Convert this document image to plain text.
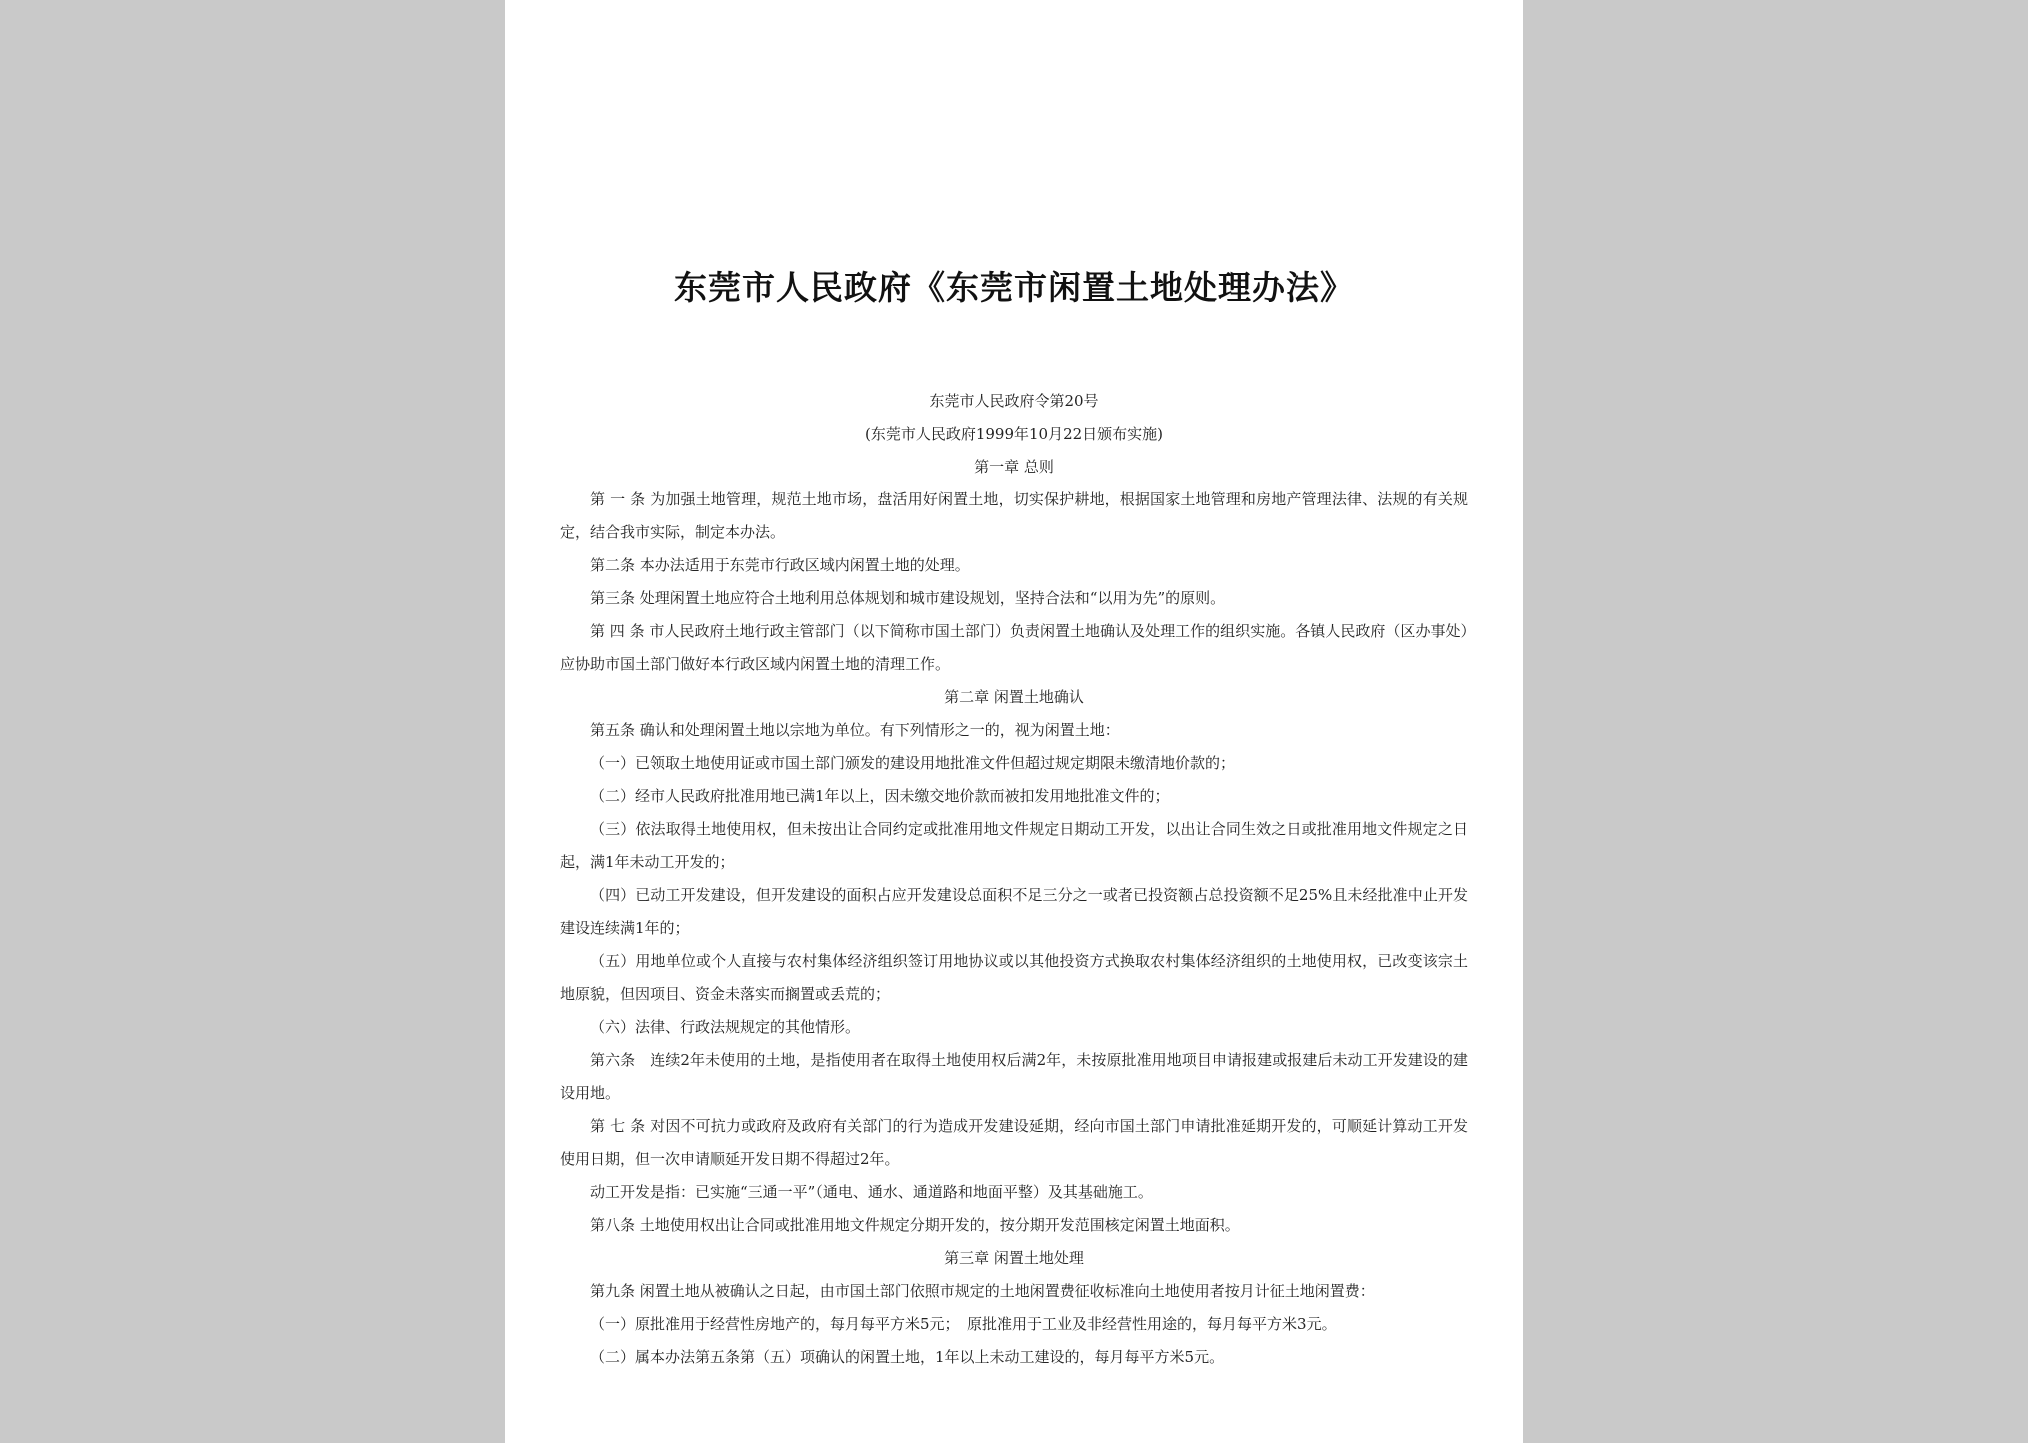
东莞市人民政府《东莞市闲置土地处理办法》
东莞市人民政府令第20号
(东莞市人民政府1999年10月22日颁布实施)
第一章 总则

第 一 条 为加强土地管理，规范土地市场，盘活用好闲置土地，切实保护耕地，根据国家土地管理和房地产管理法律、法规的有关规定，结合我市实际，制定本办法。

第二条 本办法适用于东莞市行政区域内闲置土地的处理。

第三条 处理闲置土地应符合土地利用总体规划和城市建设规划，坚持合法和“以用为先”的原则。

第 四 条 市人民政府土地行政主管部门（以下简称市国土部门）负责闲置土地确认及处理工作的组织实施。各镇人民政府（区办事处）应协助市国土部门做好本行政区域内闲置土地的清理工作。

第二章 闲置土地确认

第五条 确认和处理闲置土地以宗地为单位。有下列情形之一的，视为闲置土地：

（一）已领取土地使用证或市国土部门颁发的建设用地批准文件但超过规定期限未缴清地价款的；

（二）经市人民政府批准用地已满1年以上，因未缴交地价款而被扣发用地批准文件的；

（三）依法取得土地使用权，但未按出让合同约定或批准用地文件规定日期动工开发，以出让合同生效之日或批准用地文件规定之日起，满1年未动工开发的；

（四）已动工开发建设，但开发建设的面积占应开发建设总面积不足三分之一或者已投资额占总投资额不足25%且未经批准中止开发建设连续满1年的；

（五）用地单位或个人直接与农村集体经济组织签订用地协议或以其他投资方式换取农村集体经济组织的土地使用权，已改变该宗土地原貌，但因项目、资金未落实而搁置或丢荒的；

（六）法律、行政法规规定的其他情形。

第六条　连续2年未使用的土地，是指使用者在取得土地使用权后满2年，未按原批准用地项目申请报建或报建后未动工开发建设的建设用地。

第 七 条 对因不可抗力或政府及政府有关部门的行为造成开发建设延期，经向市国土部门申请批准延期开发的，可顺延计算动工开发使用日期，但一次申请顺延开发日期不得超过2年。

动工开发是指：已实施“三通一平”（通电、通水、通道路和地面平整）及其基础施工。

第八条 土地使用权出让合同或批准用地文件规定分期开发的，按分期开发范围核定闲置土地面积。

第三章 闲置土地处理

第九条 闲置土地从被确认之日起，由市国土部门依照市规定的土地闲置费征收标准向土地使用者按月计征土地闲置费：

（一）原批准用于经营性房地产的，每月每平方米5元；　原批准用于工业及非经营性用途的，每月每平方米3元。

（二）属本办法第五条第（五）项确认的闲置土地，1年以上未动工建设的，每月每平方米5元。
